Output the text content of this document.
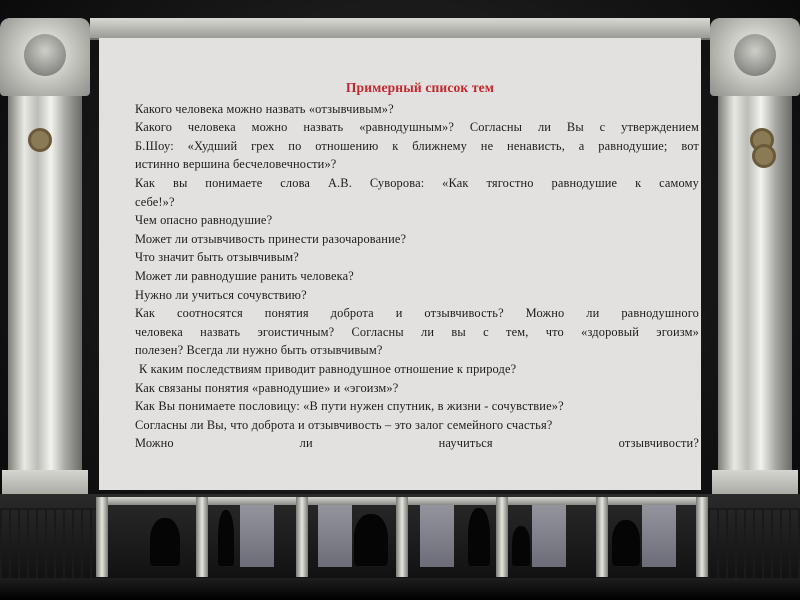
Примерный список тем

Какого человека можно назвать «отзывчивым»?

Какого человека можно назвать «равнодушным»? Согласны ли Вы с утверждением

Б.Шоу: «Худший грех по отношению к ближнему не ненависть, а равнодушие; вот

истинно вершина бесчеловечности»?

Как вы понимаете слова А.В. Суворова: «Как тягостно равнодушие к самому

себе!»?

Чем опасно равнодушие?

Может ли отзывчивость принести разочарование?

Что значит быть отзывчивым?

Может ли равнодушие ранить человека?

Нужно ли учиться сочувствию?

Как соотносятся понятия доброта и отзывчивость? Можно ли равнодушного

человека назвать эгоистичным? Согласны ли вы с тем, что «здоровый эгоизм»

полезен? Всегда ли нужно быть отзывчивым?

К каким последствиям приводит равнодушное отношение к природе?

Как связаны понятия «равнодушие» и «эгоизм»?

Как Вы понимаете пословицу: «В пути нужен спутник, в жизни - сочувствие»?

Согласны ли Вы, что доброта и отзывчивость – это залог семейного счастья?

Можно ли научиться отзывчивости?
